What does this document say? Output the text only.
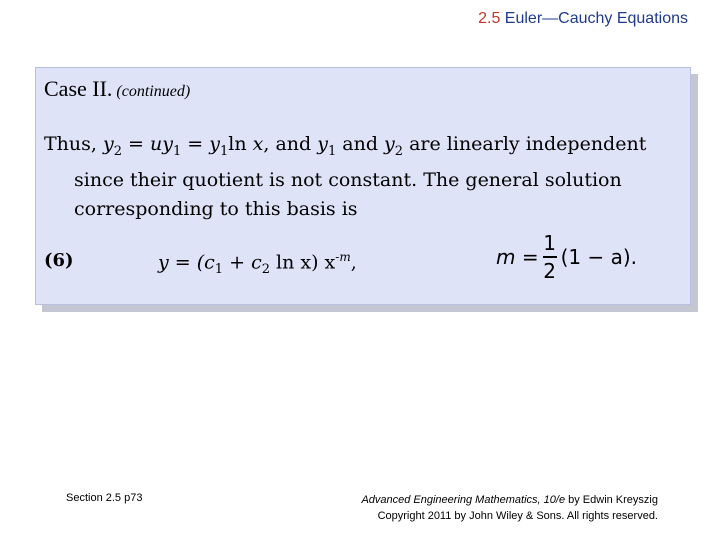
2.5 Euler—Cauchy Equations
Case II. (continued)
Thus, $y_2 = uy_1 = y_1\ln$ x, and $y_1$ and $y_2$ are linearly independent
since their quotient is not constant. The general solution
corresponding to this basis is
(6)	$y = (c_1 + c_2$ ln x) $x^{-m}$,	$m = \frac{1}{2} (1 - a)$.
Section 2.5 p73	Advanced Engineering Mathematics, 10/e by Edwin Kreyszig
Copyright 2011 by John Wiley & Sons. All rights reserved.
